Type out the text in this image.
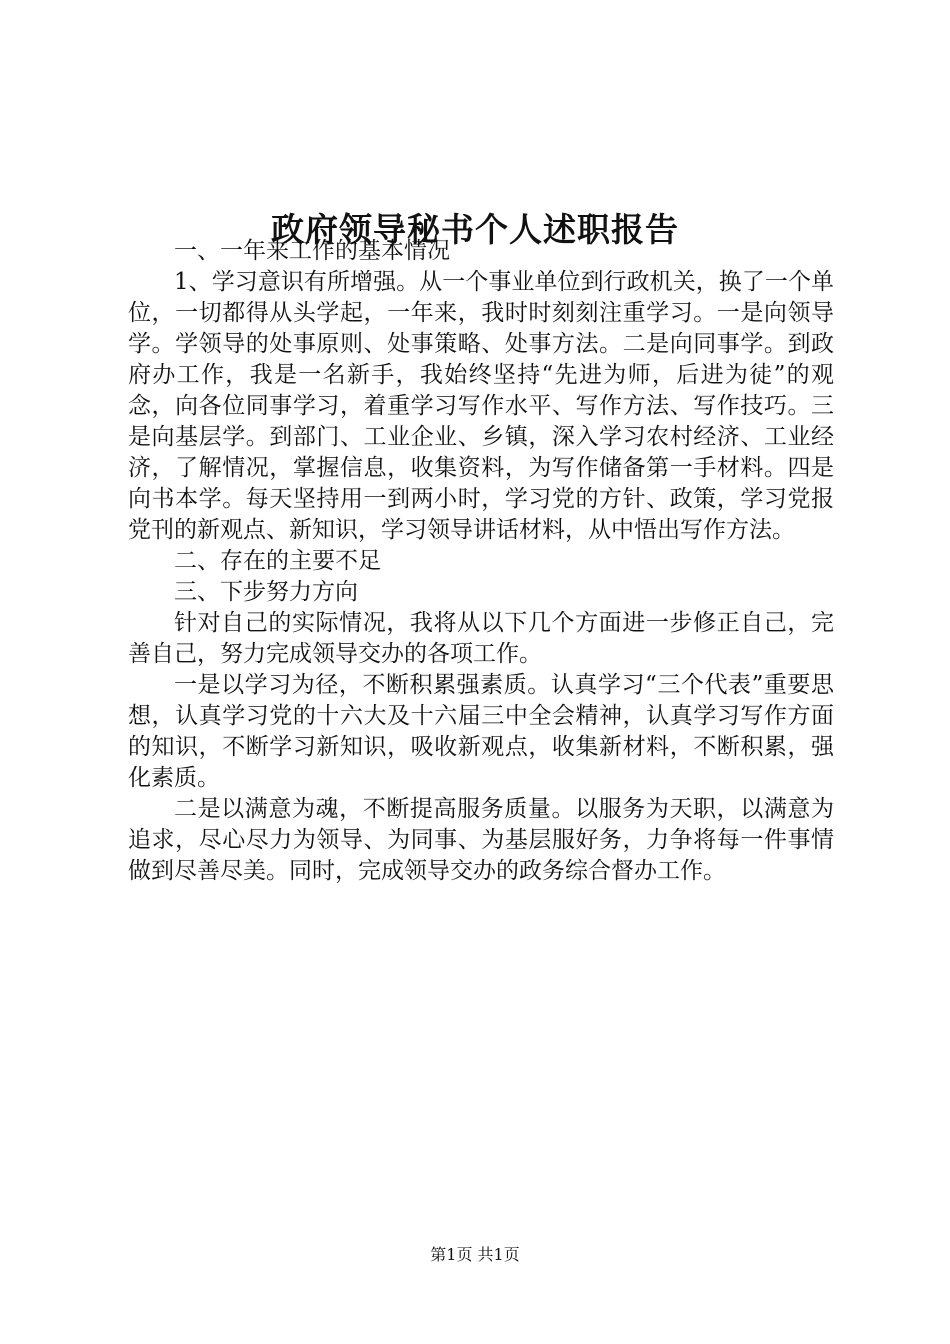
政府领导秘书个人述职报告

一、一年来工作的基本情况

1、学习意识有所增强。从一个事业单位到行政机关，换了一个单位，一切都得从头学起，一年来，我时时刻刻注重学习。一是向领导学。学领导的处事原则、处事策略、处事方法。二是向同事学。到政府办工作，我是一名新手，我始终坚持“先进为师，后进为徒”的观念，向各位同事学习，着重学习写作水平、写作方法、写作技巧。三是向基层学。到部门、工业企业、乡镇，深入学习农村经济、工业经济，了解情况，掌握信息，收集资料，为写作储备第一手材料。四是向书本学。每天坚持用一到两小时，学习党的方针、政策，学习党报党刊的新观点、新知识，学习领导讲话材料，从中悟出写作方法。

二、存在的主要不足

三、下步努力方向

针对自己的实际情况，我将从以下几个方面进一步修正自己，完善自己，努力完成领导交办的各项工作。

一是以学习为径，不断积累强素质。认真学习“三个代表”重要思想，认真学习党的十六大及十六届三中全会精神，认真学习写作方面的知识，不断学习新知识，吸收新观点，收集新材料，不断积累，强化素质。

二是以满意为魂，不断提高服务质量。以服务为天职，以满意为追求，尽心尽力为领导、为同事、为基层服好务，力争将每一件事情做到尽善尽美。同时，完成领导交办的政务综合督办工作。

第1页 共1页
